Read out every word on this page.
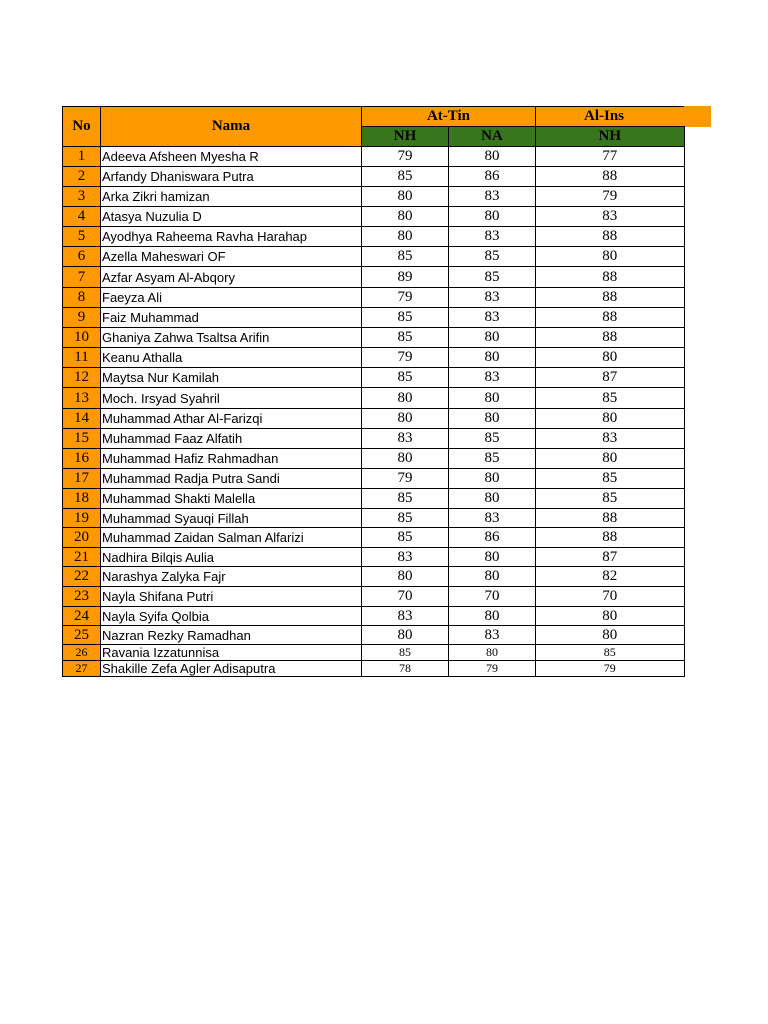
No	Nama	At-Tin		Al-Ins

		NH	NA	NH
1	Adeeva Afsheen Myesha R	79	80	77
2	Arfandy Dhaniswara Putra	85	86	88
3	Arka Zikri hamizan	80	83	79
4	Atasya Nuzulia D	80	80	83
5	Ayodhya Raheema Ravha Harahap	80	83	88
6	Azella Maheswari OF	85	85	80
7	Azfar Asyam Al-Abqory	89	85	88
8	Faeyza Ali	79	83	88
9	Faiz Muhammad	85	83	88
10	Ghaniya Zahwa Tsaltsa Arifin	85	80	88
11	Keanu Athalla	79	80	80
12	Maytsa Nur Kamilah	85	83	87
13	Moch. Irsyad Syahril	80	80	85
14	Muhammad Athar Al-Farizqi	80	80	80
15	Muhammad Faaz Alfatih	83	85	83
16	Muhammad Hafiz Rahmadhan	80	85	80
17	Muhammad Radja Putra Sandi	79	80	85
18	Muhammad Shakti Malella	85	80	85
19	Muhammad Syauqi Fillah	85	83	88
20	Muhammad Zaidan Salman Alfarizi	85	86	88
21	Nadhira Bilqis Aulia	83	80	87
22	Narashya Zalyka Fajr	80	80	82
23	Nayla Shifana Putri	70	70	70
24	Nayla Syifa Qolbia	83	80	80
25	Nazran Rezky Ramadhan	80	83	80
26	Ravania Izzatunnisa	85	80	85
27	Shakille Zefa Agler Adisaputra	78	79	79
